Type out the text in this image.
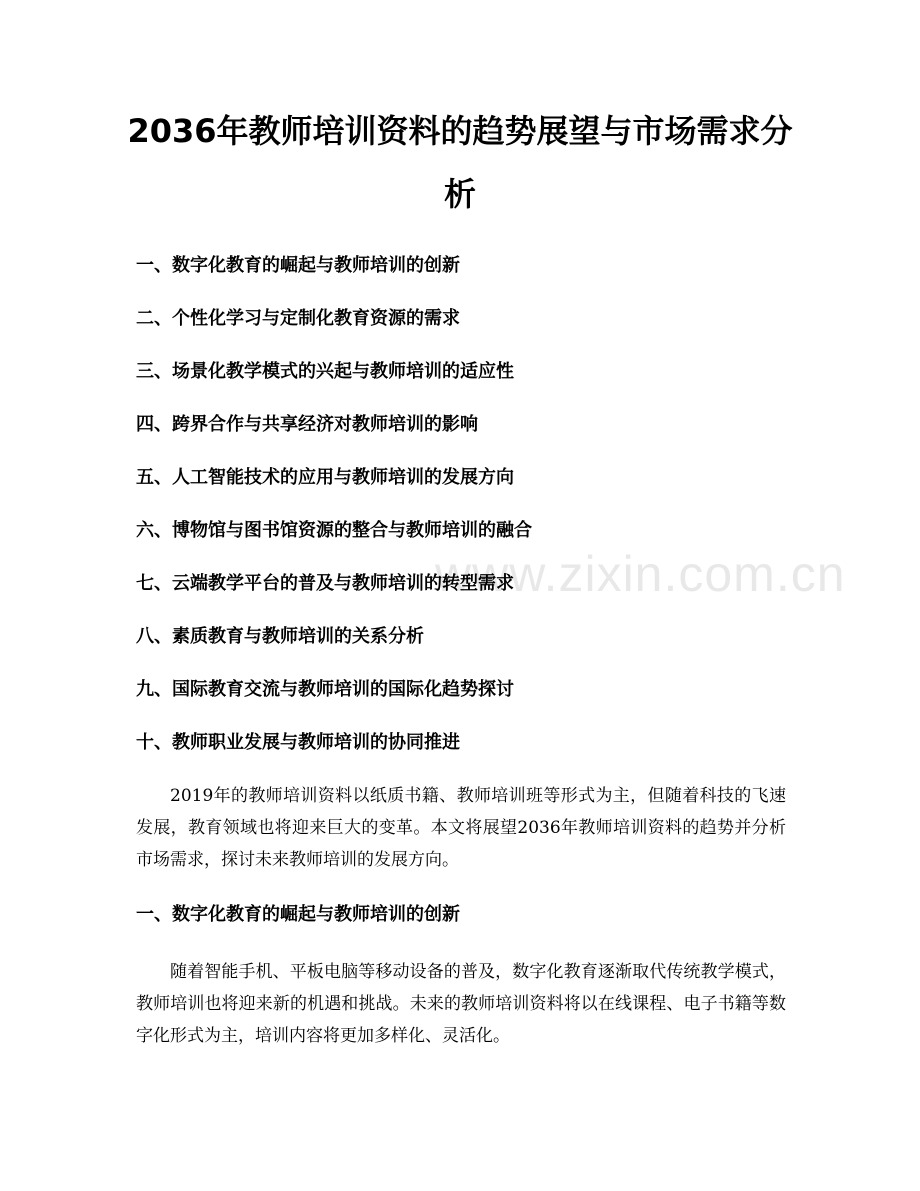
2036年教师培训资料的趋势展望与市场需求分析
一、数字化教育的崛起与教师培训的创新
二、个性化学习与定制化教育资源的需求
三、场景化教学模式的兴起与教师培训的适应性
四、跨界合作与共享经济对教师培训的影响
五、人工智能技术的应用与教师培训的发展方向
六、博物馆与图书馆资源的整合与教师培训的融合
七、云端教学平台的普及与教师培训的转型需求
八、素质教育与教师培训的关系分析
九、国际教育交流与教师培训的国际化趋势探讨
十、教师职业发展与教师培训的协同推进

2019年的教师培训资料以纸质书籍、教师培训班等形式为主，但随着科技的飞速发展，教育领域也将迎来巨大的变革。本文将展望2036年教师培训资料的趋势并分析市场需求，探讨未来教师培训的发展方向。

一、数字化教育的崛起与教师培训的创新

随着智能手机、平板电脑等移动设备的普及，数字化教育逐渐取代传统教学模式，教师培训也将迎来新的机遇和挑战。未来的教师培训资料将以在线课程、电子书籍等数字化形式为主，培训内容将更加多样化、灵活化。

www.zixin.com.cn
